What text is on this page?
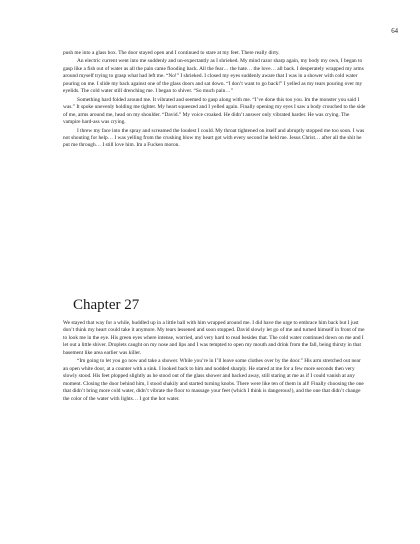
64

push me into a glass box. The door stayed open and I continued to stare at my feet. There really dirty.

An electric current went into me suddenly and un-expectantly as I shrieked. My mind razor sharp again, my body my own, I began to gasp like a fish out of water as all the pain came flooding back. All the fear… the hate… the love… all back. I desperately wrapped my arms around myself trying to grasp what had left me. “No!” I shrieked. I closed my eyes suddenly aware that I was in a shower with cold water pouring on me. I slide my back against one of the glass doors and sat down. “I don’t want to go back!” I yelled as my tears pouring over my eyelids. The cold water still drenching me. I began to shiver. “So much pain…”

Something hard folded around me. It vibrated and seemed to gasp along with me. “I’ve done this too you. Im the monster you said I was.” It spoke unevenly holding me tighter. My heart squeezed and I yelled again. Finally opening my eyes I saw a body crouched to the side of me, arms around me, head on my shoulder. “David.” My voice croaked. He didn’t answer only vibrated harder. He was crying. The vampire hard-ass was crying.

I threw my face into the spray and screamed the loudest I could. My throat tightened on itself and abruptly stopped me too soon. I was not shouting for help… I was yelling from the crushing blow my heart got with every second he held me. Jesus Christ… after all the shit he put me through… I still love him. Im a Fucken moron.

Chapter 27

We stayed that way for a while, huddled up in a little ball with him wrapped around me. I did have the urge to embrace him back but I just don’t think my heart could take it anymore. My tears lessened and soon stopped. David slowly let go of me and turned himself in front of me to look me in the eye. His green eyes where intense, worried, and very hard to read besides that. The cold water continued down on me and I let out a little shiver. Droplets caught on my nose and lips and I was tempted to open my mouth and drink from the fall, being thirsty in that basement like area earlier was killer.

“Im going to let you go now and take a shower. While you’re in I’ll leave some clothes over by the door.” His arm stretched out near an open white door, at a counter with a sink. I looked back to him and nodded sharply. He stared at me for a few more seconds then very slowly stood. His feet plopped slightly as he stood out of the glass shower and backed away, still staring at me as if I could vanish at any moment. Closing the door behind him, I stood shakily and started turning knobs. There were like ten of them in all! Finally choosing the one that didn’t bring more cold water, didn’t vibrate the floor to massage your feet (which I think is dangerous!), and the one that didn’t change the color of the water with lights… I got the hot water.
